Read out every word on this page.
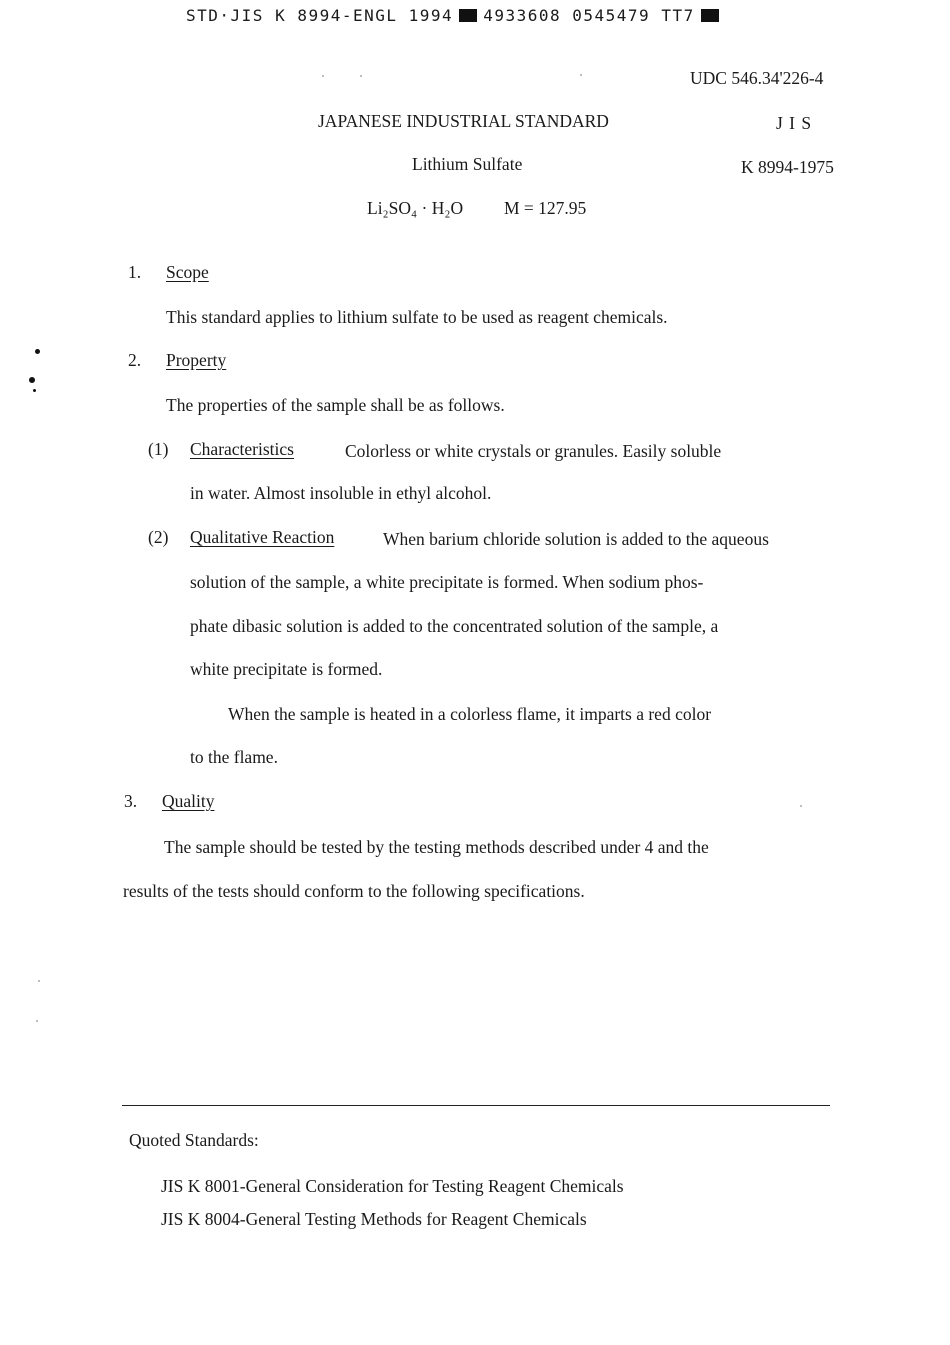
STD·JIS K 8994-ENGL 1994 4933608 0545479 TT7
UDC 546.34'226-4
JAPANESE INDUSTRIAL STANDARD	J I S
Lithium Sulfate	K 8994-1975
Li₂SO₄ · H₂O M = 127.95
1. Scope
This standard applies to lithium sulfate to be used as reagent chemicals.
2. Property
The properties of the sample shall be as follows.
(1) Characteristics	Colorless or white crystals or granules. Easily soluble
in water. Almost insoluble in ethyl alcohol.
(2) Qualitative Reaction	When barium chloride solution is added to the aqueous
solution of the sample, a white precipitate is formed. When sodium phos-
phate dibasic solution is added to the concentrated solution of the sample, a
white precipitate is formed.
When the sample is heated in a colorless flame, it imparts a red color
to the flame.
3. Quality
The sample should be tested by the testing methods described under 4 and the
results of the tests should conform to the following specifications.
Quoted Standards:
JIS K 8001-General Consideration for Testing Reagent Chemicals
JIS K 8004-General Testing Methods for Reagent Chemicals
